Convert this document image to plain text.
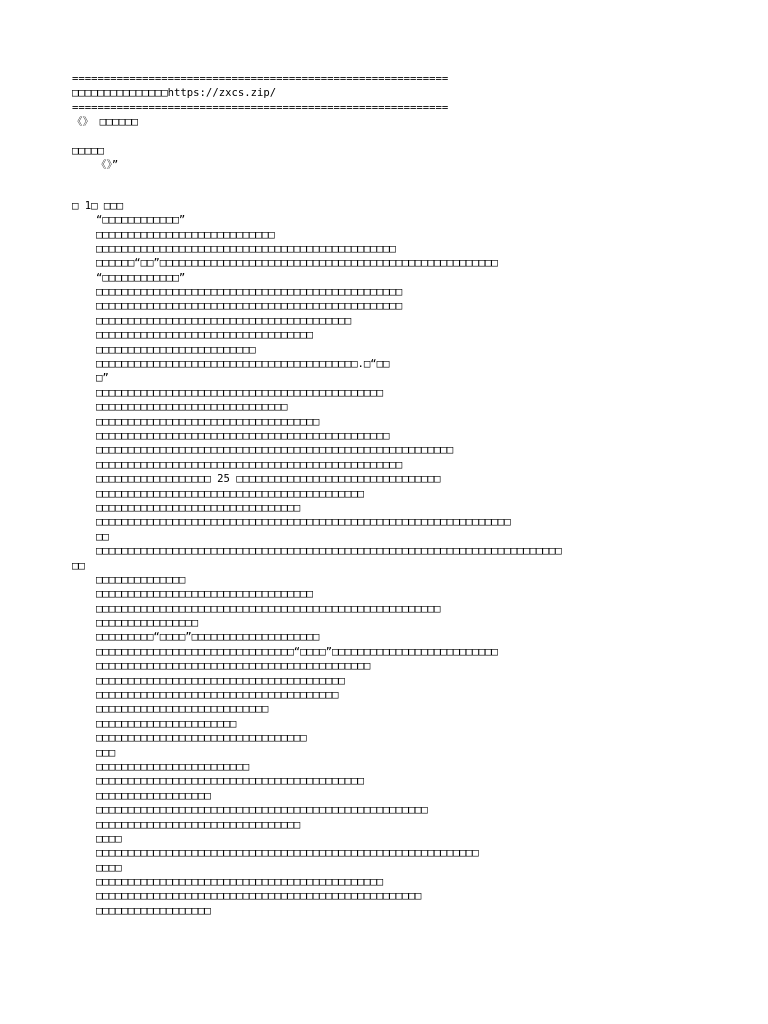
===========================================================
□□□□□□□□□□□□□□□https://zxcs.zip/
===========================================================
《》 □□□□□□
□□□□□
《》”
□ 1□ □□□
“□□□□□□□□□□□□”
□□□□□□□□□□□□□□□□□□□□□□□□□□□□
□□□□□□□□□□□□□□□□□□□□□□□□□□□□□□□□□□□□□□□□□□□□□□□
□□□□□□“□□”□□□□□□□□□□□□□□□□□□□□□□□□□□□□□□□□□□□□□□□□□□□□□□□□□□□□□
“□□□□□□□□□□□□”
□□□□□□□□□□□□□□□□□□□□□□□□□□□□□□□□□□□□□□□□□□□□□□□□
□□□□□□□□□□□□□□□□□□□□□□□□□□□□□□□□□□□□□□□□□□□□□□□□
□□□□□□□□□□□□□□□□□□□□□□□□□□□□□□□□□□□□□□□□
□□□□□□□□□□□□□□□□□□□□□□□□□□□□□□□□□□
□□□□□□□□□□□□□□□□□□□□□□□□□
□□□□□□□□□□□□□□□□□□□□□□□□□□□□□□□□□□□□□□□□□.□“□□
□”
□□□□□□□□□□□□□□□□□□□□□□□□□□□□□□□□□□□□□□□□□□□□□
□□□□□□□□□□□□□□□□□□□□□□□□□□□□□□
□□□□□□□□□□□□□□□□□□□□□□□□□□□□□□□□□□□
□□□□□□□□□□□□□□□□□□□□□□□□□□□□□□□□□□□□□□□□□□□□□□
□□□□□□□□□□□□□□□□□□□□□□□□□□□□□□□□□□□□□□□□□□□□□□□□□□□□□□□□
□□□□□□□□□□□□□□□□□□□□□□□□□□□□□□□□□□□□□□□□□□□□□□□□
□□□□□□□□□□□□□□□□□□ 25 □□□□□□□□□□□□□□□□□□□□□□□□□□□□□□□□
□□□□□□□□□□□□□□□□□□□□□□□□□□□□□□□□□□□□□□□□□□
□□□□□□□□□□□□□□□□□□□□□□□□□□□□□□□□
□□□□□□□□□□□□□□□□□□□□□□□□□□□□□□□□□□□□□□□□□□□□□□□□□□□□□□□□□□□□□□□□□
□□
□□□□□□□□□□□□□□□□□□□□□□□□□□□□□□□□□□□□□□□□□□□□□□□□□□□□□□□□□□□□□□□□□□□□□□□□□
□□
□□□□□□□□□□□□□□
□□□□□□□□□□□□□□□□□□□□□□□□□□□□□□□□□□
□□□□□□□□□□□□□□□□□□□□□□□□□□□□□□□□□□□□□□□□□□□□□□□□□□□□□□
□□□□□□□□□□□□□□□□
□□□□□□□□□“□□□□”□□□□□□□□□□□□□□□□□□□□
□□□□□□□□□□□□□□□□□□□□□□□□□□□□□□□“□□□□”□□□□□□□□□□□□□□□□□□□□□□□□□□
□□□□□□□□□□□□□□□□□□□□□□□□□□□□□□□□□□□□□□□□□□□
□□□□□□□□□□□□□□□□□□□□□□□□□□□□□□□□□□□□□□□
□□□□□□□□□□□□□□□□□□□□□□□□□□□□□□□□□□□□□□
□□□□□□□□□□□□□□□□□□□□□□□□□□□
□□□□□□□□□□□□□□□□□□□□□□
□□□□□□□□□□□□□□□□□□□□□□□□□□□□□□□□□
□□□
□□□□□□□□□□□□□□□□□□□□□□□□
□□□□□□□□□□□□□□□□□□□□□□□□□□□□□□□□□□□□□□□□□□
□□□□□□□□□□□□□□□□□□
□□□□□□□□□□□□□□□□□□□□□□□□□□□□□□□□□□□□□□□□□□□□□□□□□□□□
□□□□□□□□□□□□□□□□□□□□□□□□□□□□□□□□
□□□□
□□□□□□□□□□□□□□□□□□□□□□□□□□□□□□□□□□□□□□□□□□□□□□□□□□□□□□□□□□□□
□□□□
□□□□□□□□□□□□□□□□□□□□□□□□□□□□□□□□□□□□□□□□□□□□□
□□□□□□□□□□□□□□□□□□□□□□□□□□□□□□□□□□□□□□□□□□□□□□□□□□□
□□□□□□□□□□□□□□□□□□
